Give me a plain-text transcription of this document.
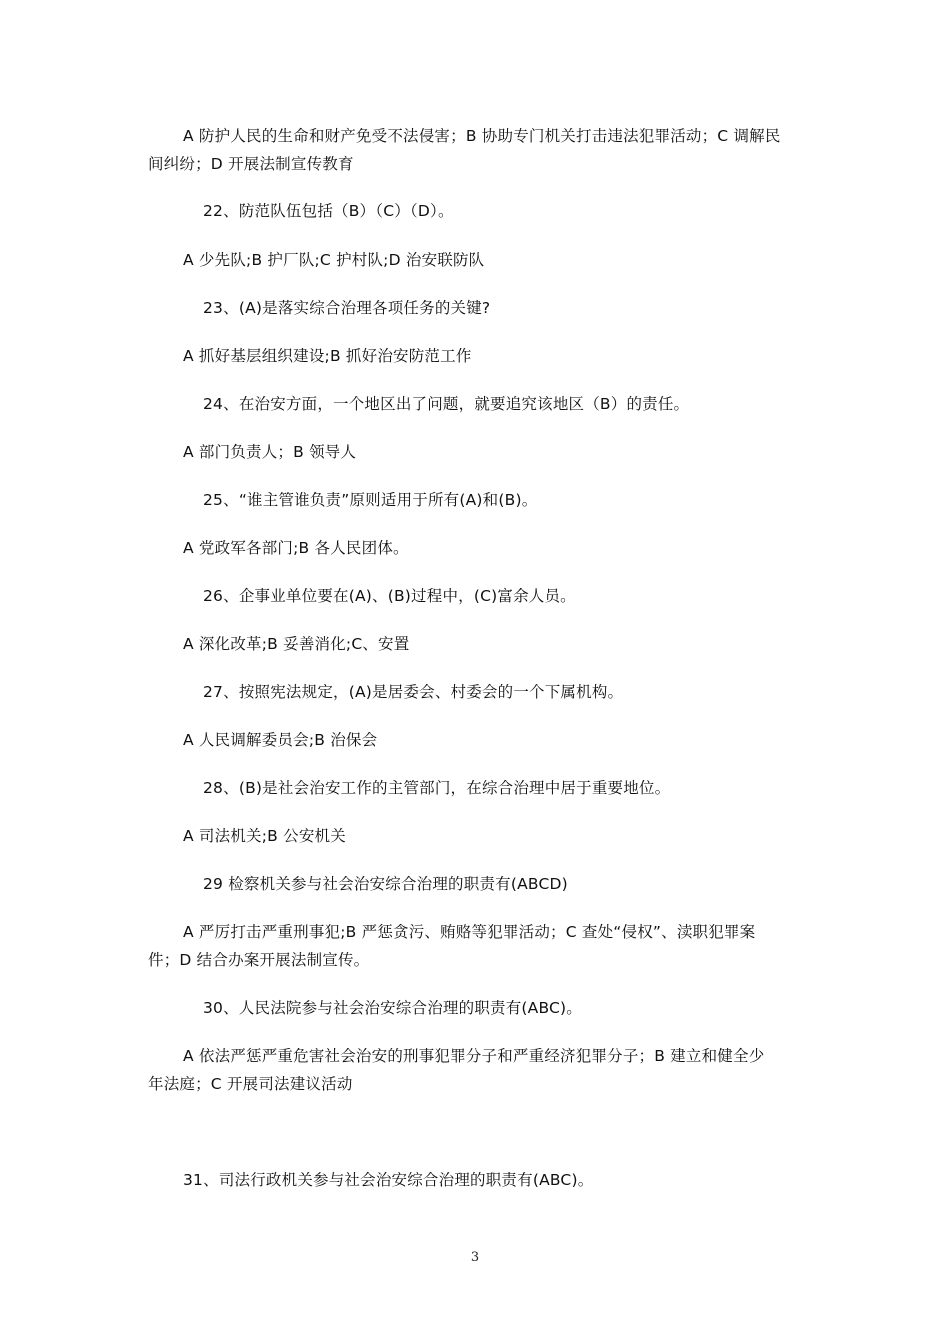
A 防护人民的生命和财产免受不法侵害；B 协助专门机关打击违法犯罪活动；C 调解民
间纠纷；D 开展法制宣传教育
22、防范队伍包括（B）（C）（D）。
A 少先队;B 护厂队;C 护村队;D 治安联防队
23、(A)是落实综合治理各项任务的关键?
A 抓好基层组织建设;B 抓好治安防范工作
24、在治安方面，一个地区出了问题，就要追究该地区（B）的责任。
A 部门负责人；B 领导人
25、“谁主管谁负责”原则适用于所有(A)和(B)。
A 党政军各部门;B 各人民团体。
26、企事业单位要在(A)、(B)过程中，(C)富余人员。
A 深化改革;B 妥善消化;C、安置
27、按照宪法规定，(A)是居委会、村委会的一个下属机构。
A 人民调解委员会;B 治保会
28、(B)是社会治安工作的主管部门，在综合治理中居于重要地位。
A 司法机关;B 公安机关
29 检察机关参与社会治安综合治理的职责有(ABCD)
A 严厉打击严重刑事犯;B 严惩贪污、贿赂等犯罪活动；C 查处“侵权”、渎职犯罪案
件；D 结合办案开展法制宣传。
30、人民法院参与社会治安综合治理的职责有(ABC)。
A 依法严惩严重危害社会治安的刑事犯罪分子和严重经济犯罪分子；B 建立和健全少
年法庭；C 开展司法建议活动
31、司法行政机关参与社会治安综合治理的职责有(ABC)。
3
